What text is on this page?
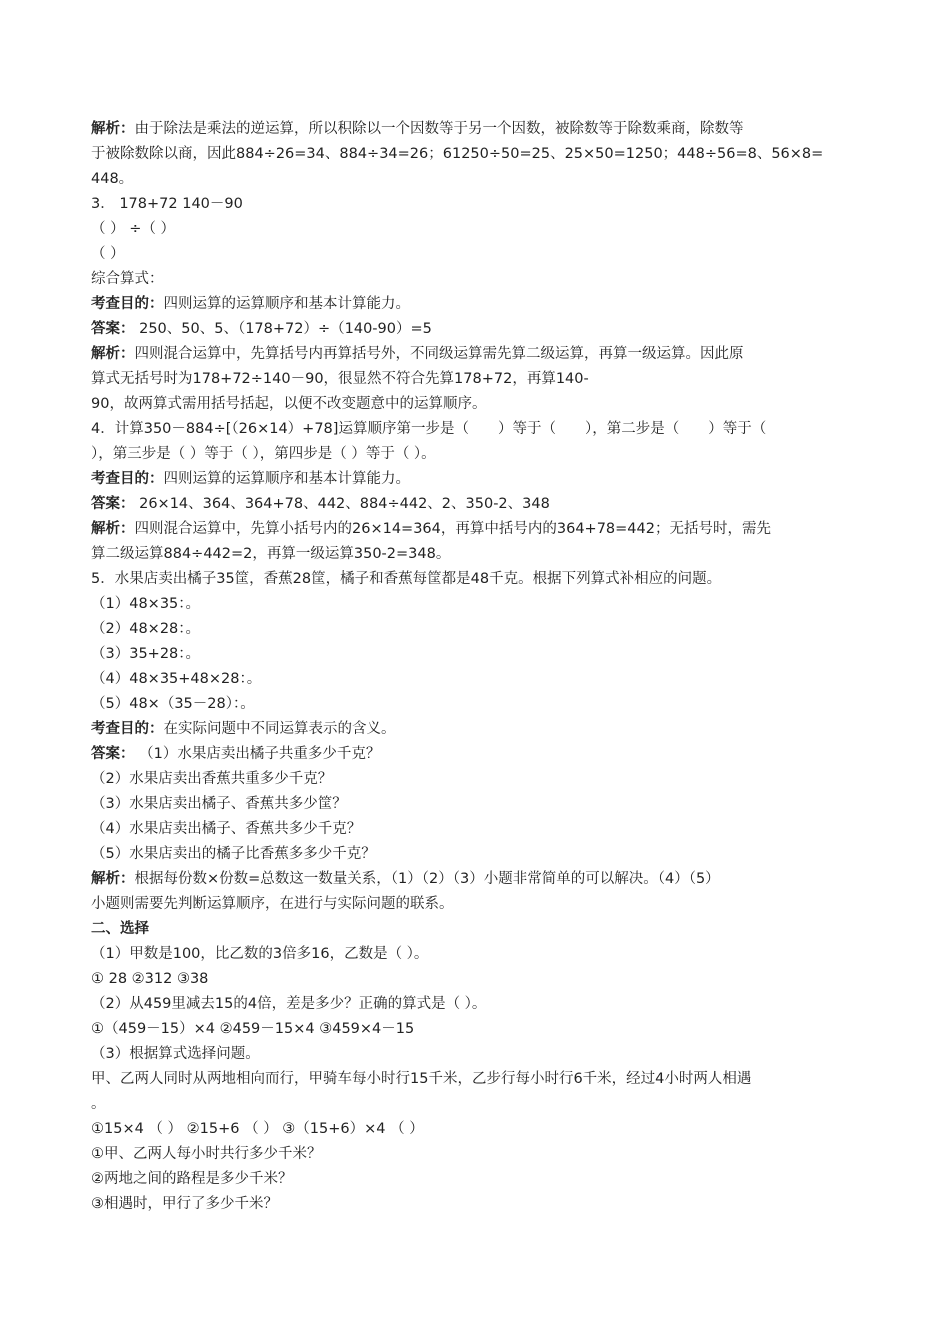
解析：由于除法是乘法的逆运算，所以积除以一个因数等于另一个因数，被除数等于除数乘商，除数等
于被除数除以商，因此884÷26=34、884÷34=26；61250÷50=25、25×50=1250；448÷56=8、56×8=
448。
3． 178+72 140－90
（ ） ÷（ ）
（ ）
综合算式：
考查目的：四则运算的运算顺序和基本计算能力。
答案： 250、50、5、（178+72）÷（140-90）=5
解析：四则混合运算中，先算括号内再算括号外，不同级运算需先算二级运算，再算一级运算。因此原
算式无括号时为178+72÷140－90，很显然不符合先算178+72，再算140-
90，故两算式需用括号括起，以便不改变题意中的运算顺序。
4．计算350－884÷[（26×14）+78]运算顺序第一步是（　　）等于（　　），第二步是（　　）等于（
），第三步是（ ）等于（ ），第四步是（ ）等于（ ）。
考查目的：四则运算的运算顺序和基本计算能力。
答案： 26×14、364、364+78、442、884÷442、2、350-2、348
解析：四则混合运算中，先算小括号内的26×14=364，再算中括号内的364+78=442；无括号时，需先
算二级运算884÷442=2，再算一级运算350-2=348。
5．水果店卖出橘子35筐，香蕉28筐，橘子和香蕉每筐都是48千克。根据下列算式补相应的问题。
（1）48×35：。
（2）48×28：。
（3）35+28：。
（4）48×35+48×28：。
（5）48×（35－28）：。
考查目的：在实际问题中不同运算表示的含义。
答案： （1）水果店卖出橘子共重多少千克？
（2）水果店卖出香蕉共重多少千克？
（3）水果店卖出橘子、香蕉共多少筐？
（4）水果店卖出橘子、香蕉共多少千克？
（5）水果店卖出的橘子比香蕉多多少千克？
解析：根据每份数×份数=总数这一数量关系，（1）（2）（3）小题非常简单的可以解决。（4）（5）
小题则需要先判断运算顺序，在进行与实际问题的联系。
二、选择
（1）甲数是100，比乙数的3倍多16，乙数是（ ）。
① 28 ②312 ③38
（2）从459里减去15的4倍，差是多少？正确的算式是（ ）。
①（459－15）×4 ②459－15×4 ③459×4－15
（3）根据算式选择问题。
甲、乙两人同时从两地相向而行，甲骑车每小时行15千米，乙步行每小时行6千米，经过4小时两人相遇
。
①15×4 （ ） ②15+6 （ ） ③（15+6）×4 （ ）
①甲、乙两人每小时共行多少千米？
②两地之间的路程是多少千米？
③相遇时，甲行了多少千米？
